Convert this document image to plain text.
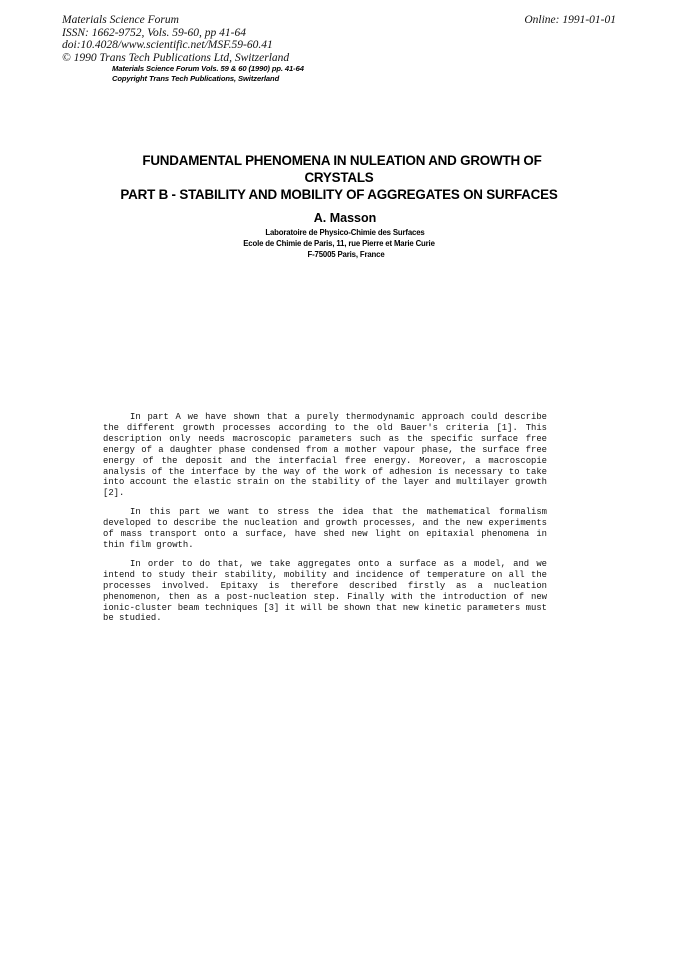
Materials Science Forum
ISSN: 1662-9752, Vols. 59-60, pp 41-64
doi:10.4028/www.scientific.net/MSF.59-60.41
© 1990 Trans Tech Publications Ltd, Switzerland
Online: 1991-01-01
Materials Science Forum Vols. 59 & 60 (1990) pp. 41-64
Copyright Trans Tech Publications, Switzerland
FUNDAMENTAL PHENOMENA IN NULEATION AND GROWTH OF
CRYSTALS
PART B - STABILITY AND MOBILITY OF AGGREGATES ON SURFACES
A. Masson
Laboratoire de Physico-Chimie des Surfaces
Ecole de Chimie de Paris, 11, rue Pierre et Marie Curie
F-75005 Paris, France

In part A we have shown that a purely thermodynamic approach could describe the different growth processes according to the old Bauer's criteria [1]. This description only needs macroscopic parameters such as the specific surface free energy of a daughter phase condensed from a mother vapour phase, the surface free energy of the deposit and the interfacial free energy. Moreover, a macroscopie analysis of the interface by the way of the work of adhesion is necessary to take into account the elastic strain on the stability of the layer and multilayer growth [2].

In this part we want to stress the idea that the mathematical formalism developed to describe the nucleation and growth processes, and the new experiments of mass transport onto a surface, have shed new light on epitaxial phenomena in thin film growth.

In order to do that, we take aggregates onto a surface as a model, and we intend to study their stability, mobility and incidence of temperature on all the processes involved. Epitaxy is therefore described firstly as a nucleation phenomenon, then as a post-nucleation step. Finally with the introduction of new ionic-cluster beam techniques [3] it will be shown that new kinetic parameters must be studied.
